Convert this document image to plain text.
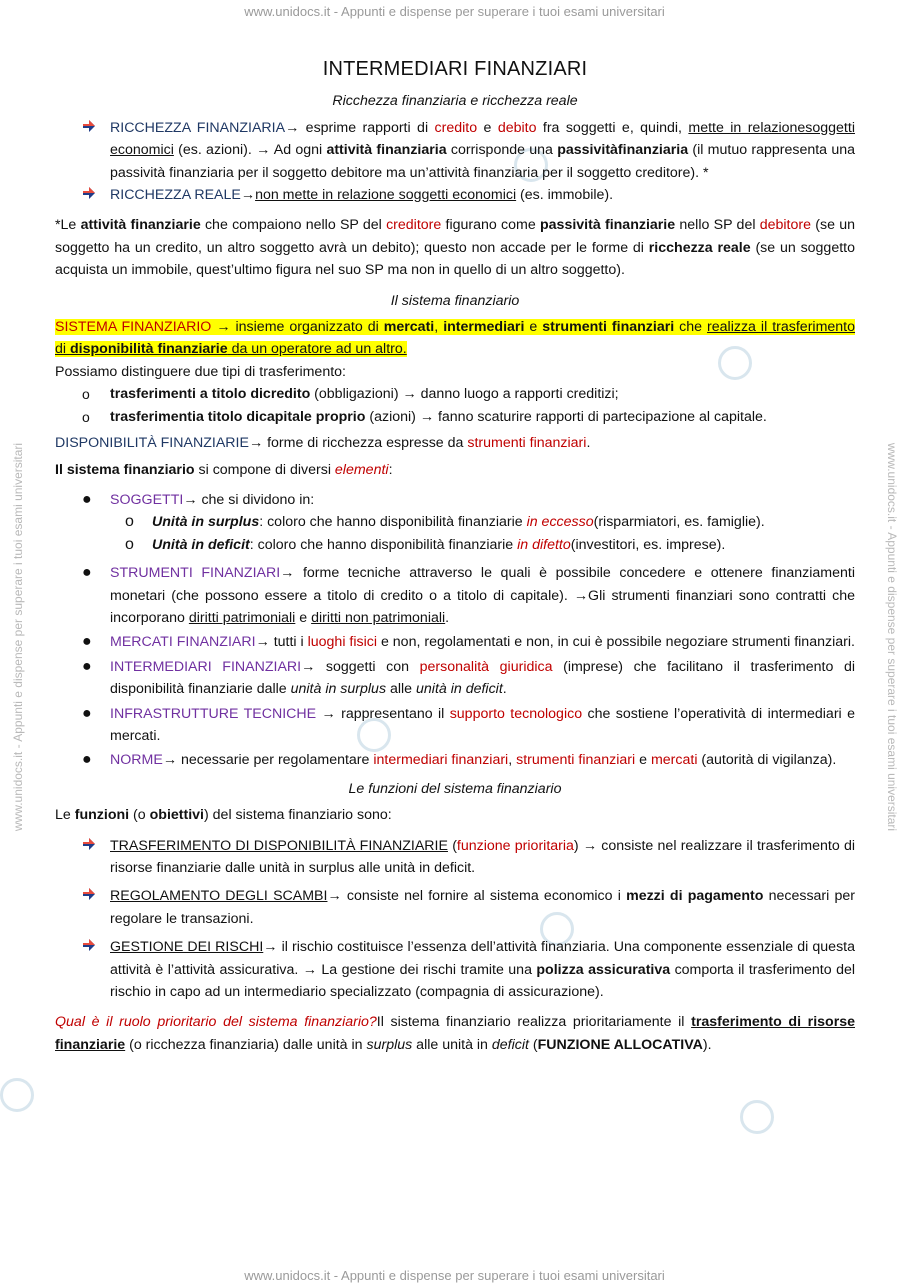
www.unidocs.it - Appunti e dispense per superare i tuoi esami universitari
www.unidocs.it - Appunti e dispense per superare i tuoi esami universitari
www.unidocs.it - Appunti e dispense per superare i tuoi esami universitari	www.unidocs.it - Appunti e dispense per superare i tuoi esami universitari
INTERMEDIARI FINANZIARI

Ricchezza finanziaria e ricchezza reale

RICCHEZZA FINANZIARIA→ esprime rapporti di credito e debito fra soggetti e, quindi, mette in relazionesoggetti economici (es. azioni). → Ad ogni attività finanziaria corrisponde una passivitàfinanziaria (il mutuo rappresenta una passività finanziaria per il soggetto debitore ma un’attività finanziaria per il soggetto creditore). *
RICCHEZZA REALE→non mette in relazione soggetti economici (es. immobile).

*Le attività finanziarie che compaiono nello SP del creditore figurano come passività finanziarie nello SP del debitore (se un soggetto ha un credito, un altro soggetto avrà un debito); questo non accade per le forme di ricchezza reale (se un soggetto acquista un immobile, quest’ultimo figura nel suo SP ma non in quello di un altro soggetto).

Il sistema finanziario

SISTEMA FINANZIARIO → insieme organizzato di mercati, intermediari e strumenti finanziari che realizza il trasferimento di disponibilità finanziarie da un operatore ad un altro.

Possiamo distinguere due tipi di trasferimento:

o trasferimenti a titolo dicredito (obbligazioni) → danno luogo a rapporti creditizi;
o trasferimentia titolo dicapitale proprio (azioni) → fanno scaturire rapporti di partecipazione al capitale.

DISPONIBILITÀ FINANZIARIE→ forme di ricchezza espresse da strumenti finanziari.

Il sistema finanziario si compone di diversi elementi:

● SOGGETTI→ che si dividono in:
o Unità in surplus: coloro che hanno disponibilità finanziarie in eccesso(risparmiatori, es. famiglie).
o Unità in deficit: coloro che hanno disponibilità finanziarie in difetto(investitori, es. imprese).
● STRUMENTI FINANZIARI→ forme tecniche attraverso le quali è possibile concedere e ottenere finanziamenti monetari (che possono essere a titolo di credito o a titolo di capitale). →Gli strumenti finanziari sono contratti che incorporano diritti patrimoniali e diritti non patrimoniali.
● MERCATI FINANZIARI→ tutti i luoghi fisici e non, regolamentati e non, in cui è possibile negoziare strumenti finanziari.
● INTERMEDIARI FINANZIARI→ soggetti con personalità giuridica (imprese) che facilitano il trasferimento di disponibilità finanziarie dalle unità in surplus alle unità in deficit.
● INFRASTRUTTURE TECNICHE → rappresentano il supporto tecnologico che sostiene l’operatività di intermediari e mercati.
● NORME→ necessarie per regolamentare intermediari finanziari, strumenti finanziari e mercati (autorità di vigilanza).

Le funzioni del sistema finanziario

Le funzioni (o obiettivi) del sistema finanziario sono:

TRASFERIMENTO DI DISPONIBILITÀ FINANZIARIE (funzione prioritaria) → consiste nel realizzare il trasferimento di risorse finanziarie dalle unità in surplus alle unità in deficit.
REGOLAMENTO DEGLI SCAMBI→ consiste nel fornire al sistema economico i mezzi di pagamento necessari per regolare le transazioni.
GESTIONE DEI RISCHI→ il rischio costituisce l’essenza dell’attività finanziaria. Una componente essenziale di questa attività è l’attività assicurativa. → La gestione dei rischi tramite una polizza assicurativa comporta il trasferimento del rischio in capo ad un intermediario specializzato (compagnia di assicurazione).

Qual è il ruolo prioritario del sistema finanziario?Il sistema finanziario realizza prioritariamente il trasferimento di risorse finanziarie (o ricchezza finanziaria) dalle unità in surplus alle unità in deficit (FUNZIONE ALLOCATIVA).
